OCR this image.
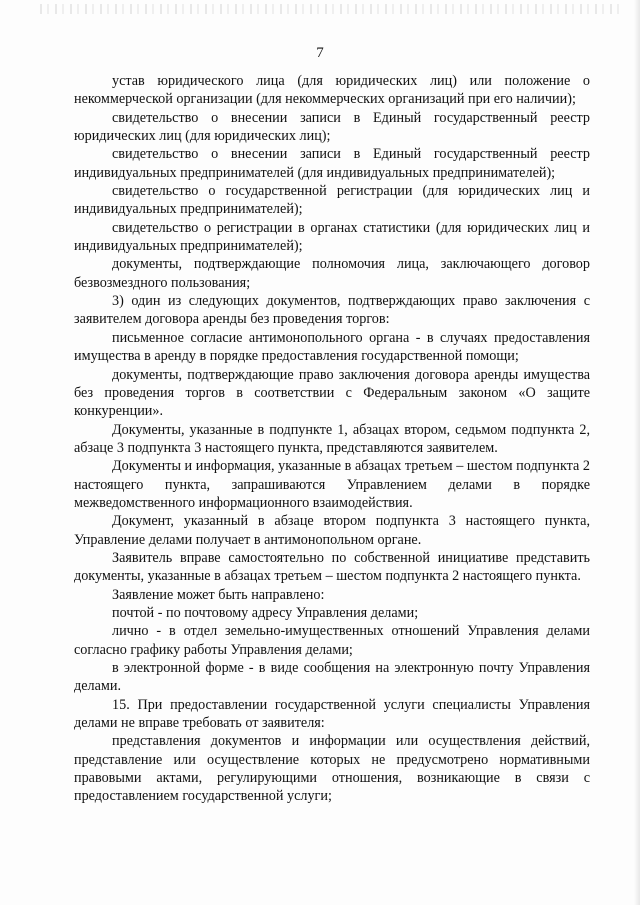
7

устав юридического лица (для юридических лиц) или положение о некоммерческой организации (для некоммерческих организаций при его наличии);

свидетельство о внесении записи в Единый государственный реестр юридических лиц (для юридических лиц);

свидетельство о внесении записи в Единый государственный реестр индивидуальных предпринимателей (для индивидуальных предпринимателей);

свидетельство о государственной регистрации (для юридических лиц и индивидуальных предпринимателей);

свидетельство о регистрации в органах статистики (для юридических лиц и индивидуальных предпринимателей);

документы, подтверждающие полномочия лица, заключающего договор безвозмездного пользования;

3) один из следующих документов, подтверждающих право заключения с заявителем договора аренды без проведения торгов:

письменное согласие антимонопольного органа - в случаях предоставления имущества в аренду в порядке предоставления государственной помощи;

документы, подтверждающие право заключения договора аренды имущества без проведения торгов в соответствии с Федеральным законом «О защите конкуренции».

Документы, указанные в подпункте 1, абзацах втором, седьмом подпункта 2, абзаце 3 подпункта 3 настоящего пункта, представляются заявителем.

Документы и информация, указанные в абзацах третьем – шестом подпункта 2 настоящего пункта, запрашиваются Управлением делами в порядке межведомственного информационного взаимодействия.

Документ, указанный в абзаце втором подпункта 3 настоящего пункта, Управление делами получает в антимонопольном органе.

Заявитель вправе самостоятельно по собственной инициативе представить документы, указанные в абзацах третьем – шестом подпункта 2 настоящего пункта.

Заявление может быть направлено:

почтой - по почтовому адресу Управления делами;

лично - в отдел земельно-имущественных отношений Управления делами согласно графику работы Управления делами;

в электронной форме - в виде сообщения на электронную почту Управления делами.

15. При предоставлении государственной услуги специалисты Управления делами не вправе требовать от заявителя:

представления документов и информации или осуществления действий, представление или осуществление которых не предусмотрено нормативными правовыми актами, регулирующими отношения, возникающие в связи с предоставлением государственной услуги;
